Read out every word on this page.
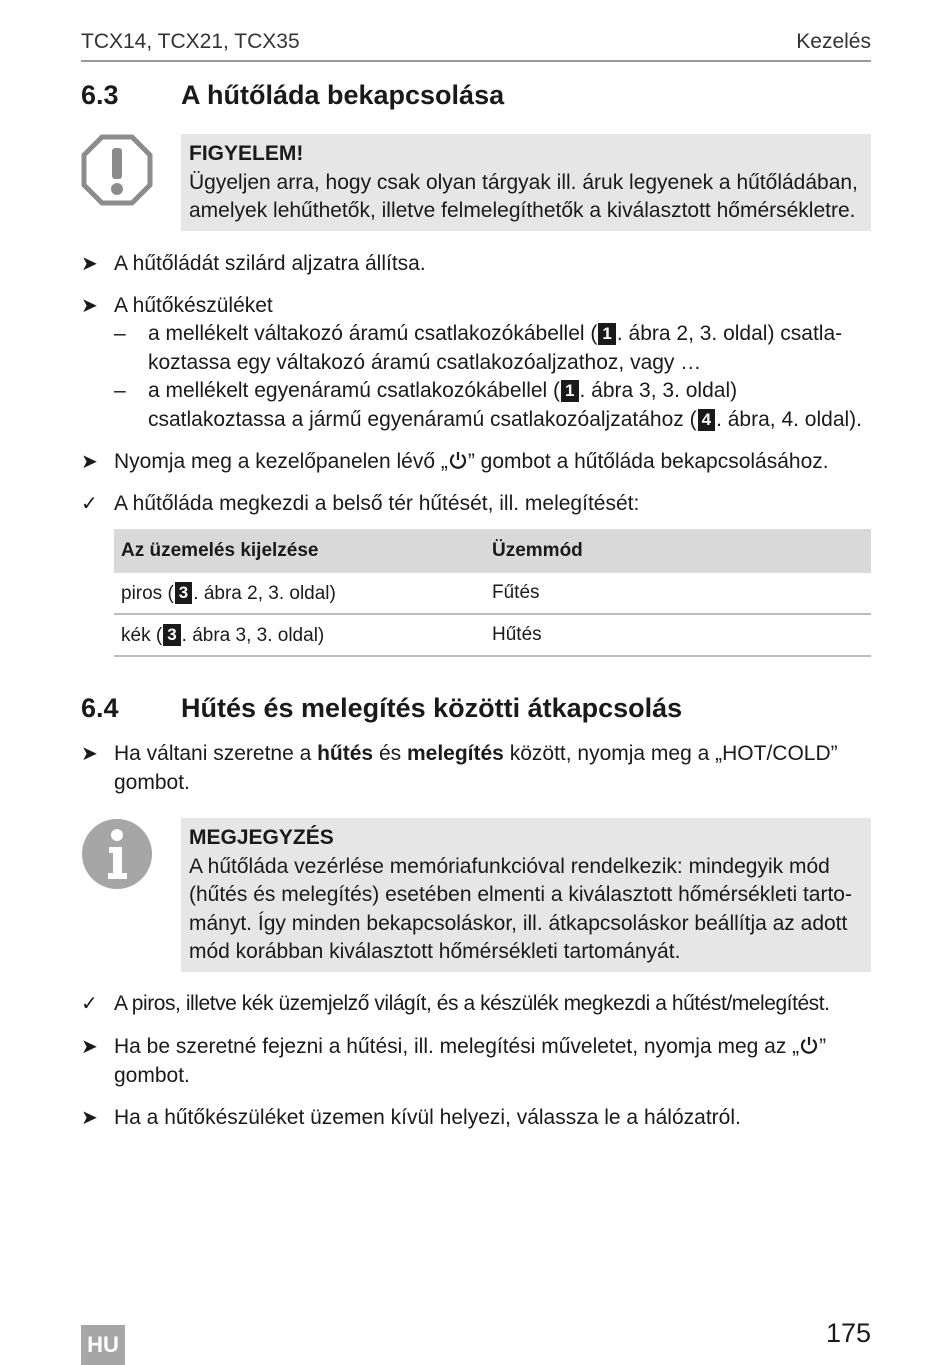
TCX14, TCX21, TCX35	Kezelés
6.3	A hűtőláda bekapcsolása
FIGYELEM!
Ügyeljen arra, hogy csak olyan tárgyak ill. áruk legyenek a hűtőládában,
amelyek lehűthetők, illetve felmelegíthetők a kiválasztott hőmérsékletre.
➤ A hűtőládát szilárd aljzatra állítsa.
➤ A hűtőkészüléket
–	a mellékelt váltakozó áramú csatlakozókábellel ( 1 . ábra 2, 3. oldal) csatla-
koztassa egy váltakozó áramú csatlakozóaljzathoz, vagy …
–	a mellékelt egyenáramú csatlakozókábellel ( 1 . ábra 3, 3. oldal)
csatlakoztassa a jármű egyenáramú csatlakozóaljzatához ( 4 . ábra, 4. oldal).
➤ Nyomja meg a kezelőpanelen lévő „ ” gombot a hűtőláda bekapcsolásához.
✓ A hűtőláda megkezdi a belső tér hűtését, ill. melegítését:
Az üzemelés kijelzése	Üzemmód
piros ( 3 . ábra 2, 3. oldal)	Fűtés
kék ( 3 . ábra 3, 3. oldal)	Hűtés
6.4	Hűtés és melegítés közötti átkapcsolás
➤ Ha váltani szeretne a hűtés és melegítés között, nyomja meg a „HOT/COLD”
gombot.
MEGJEGYZÉS
A hűtőláda vezérlése memóriafunkcióval rendelkezik: mindegyik mód
(hűtés és melegítés) esetében elmenti a kiválasztott hőmérsékleti tarto-
mányt. Így minden bekapcsoláskor, ill. átkapcsoláskor beállítja az adott
mód korábban kiválasztott hőmérsékleti tartományát.
✓ A piros, illetve kék üzemjelző világít, és a készülék megkezdi a hűtést/melegítést.
➤ Ha be szeretné fejezni a hűtési, ill. melegítési műveletet, nyomja meg az „ ”
gombot.
➤ Ha a hűtőkészüléket üzemen kívül helyezi, válassza le a hálózatról.
175
HU
